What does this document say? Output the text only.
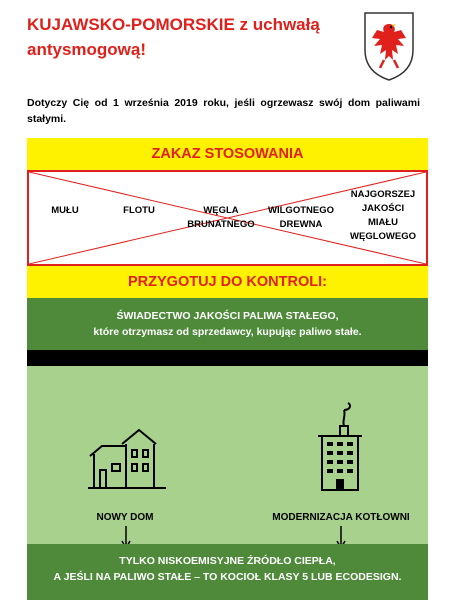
KUJAWSKO-POMORSKIE z uchwałą
antysmogową!
Dotyczy Cię od 1 września 2019 roku, jeśli ogrzewasz swój dom paliwami stałymi.
ZAKAZ STOSOWANIA
MUŁU	FLOTU	WĘGLA
BRUNATNEGO
WILGOTNEGO
DREWNA
NAJGORSZEJ
JAKOŚCI
MIAŁU
WĘGLOWEGO
PRZYGOTUJ DO KONTROLI:
ŚWIADECTWO JAKOŚCI PALIWA STAŁEGO,
które otrzymasz od sprzedawcy, kupując paliwo stałe.
NOWY DOM	MODERNIZACJA KOTŁOWNI
TYLKO NISKOEMISYJNE ŹRÓDŁO CIEPŁA,
A JEŚLI NA PALIWO STAŁE – TO KOCIOŁ KLASY 5 LUB ECODESIGN.
